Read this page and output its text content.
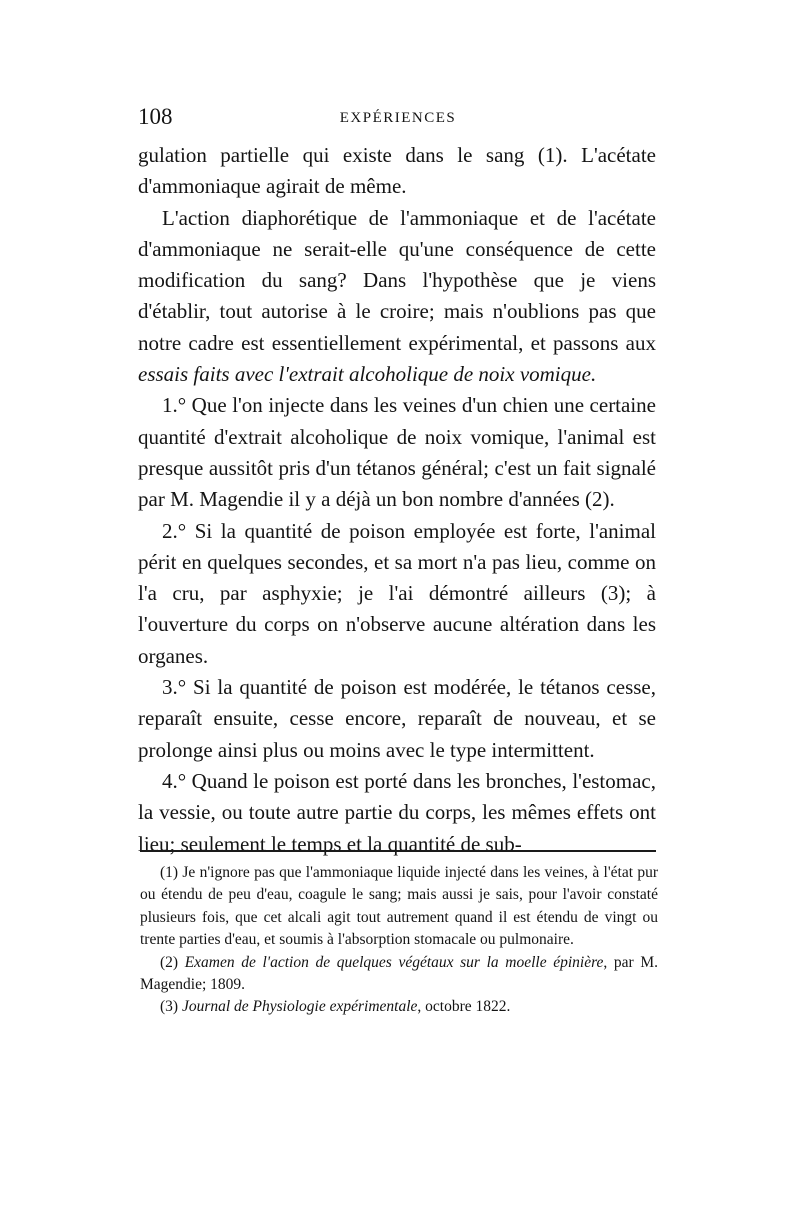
108	EXPÉRIENCES

gulation partielle qui existe dans le sang (1). L'acétate d'ammoniaque agirait de même.

L'action diaphorétique de l'ammoniaque et de l'acétate d'ammoniaque ne serait-elle qu'une conséquence de cette modification du sang? Dans l'hypothèse que je viens d'établir, tout autorise à le croire; mais n'oublions pas que notre cadre est essentiellement expérimental, et passons aux essais faits avec l'extrait alcoholique de noix vomique.

1.° Que l'on injecte dans les veines d'un chien une certaine quantité d'extrait alcoholique de noix vomique, l'animal est presque aussitôt pris d'un tétanos général; c'est un fait signalé par M. Magendie il y a déjà un bon nombre d'années (2).

2.° Si la quantité de poison employée est forte, l'animal périt en quelques secondes, et sa mort n'a pas lieu, comme on l'a cru, par asphyxie; je l'ai démontré ailleurs (3); à l'ouverture du corps on n'observe aucune altération dans les organes.

3.° Si la quantité de poison est modérée, le tétanos cesse, reparaît ensuite, cesse encore, reparaît de nouveau, et se prolonge ainsi plus ou moins avec le type intermittent.

4.° Quand le poison est porté dans les bronches, l'estomac, la vessie, ou toute autre partie du corps, les mêmes effets ont lieu; seulement le temps et la quantité de sub-

(1) Je n'ignore pas que l'ammoniaque liquide injecté dans les veines, à l'état pur ou étendu de peu d'eau, coagule le sang; mais aussi je sais, pour l'avoir constaté plusieurs fois, que cet alcali agit tout autrement quand il est étendu de vingt ou trente parties d'eau, et soumis à l'absorption stomacale ou pulmonaire.

(2) Examen de l'action de quelques végétaux sur la moelle épinière, par M. Magendie; 1809.

(3) Journal de Physiologie expérimentale, octobre 1822.
